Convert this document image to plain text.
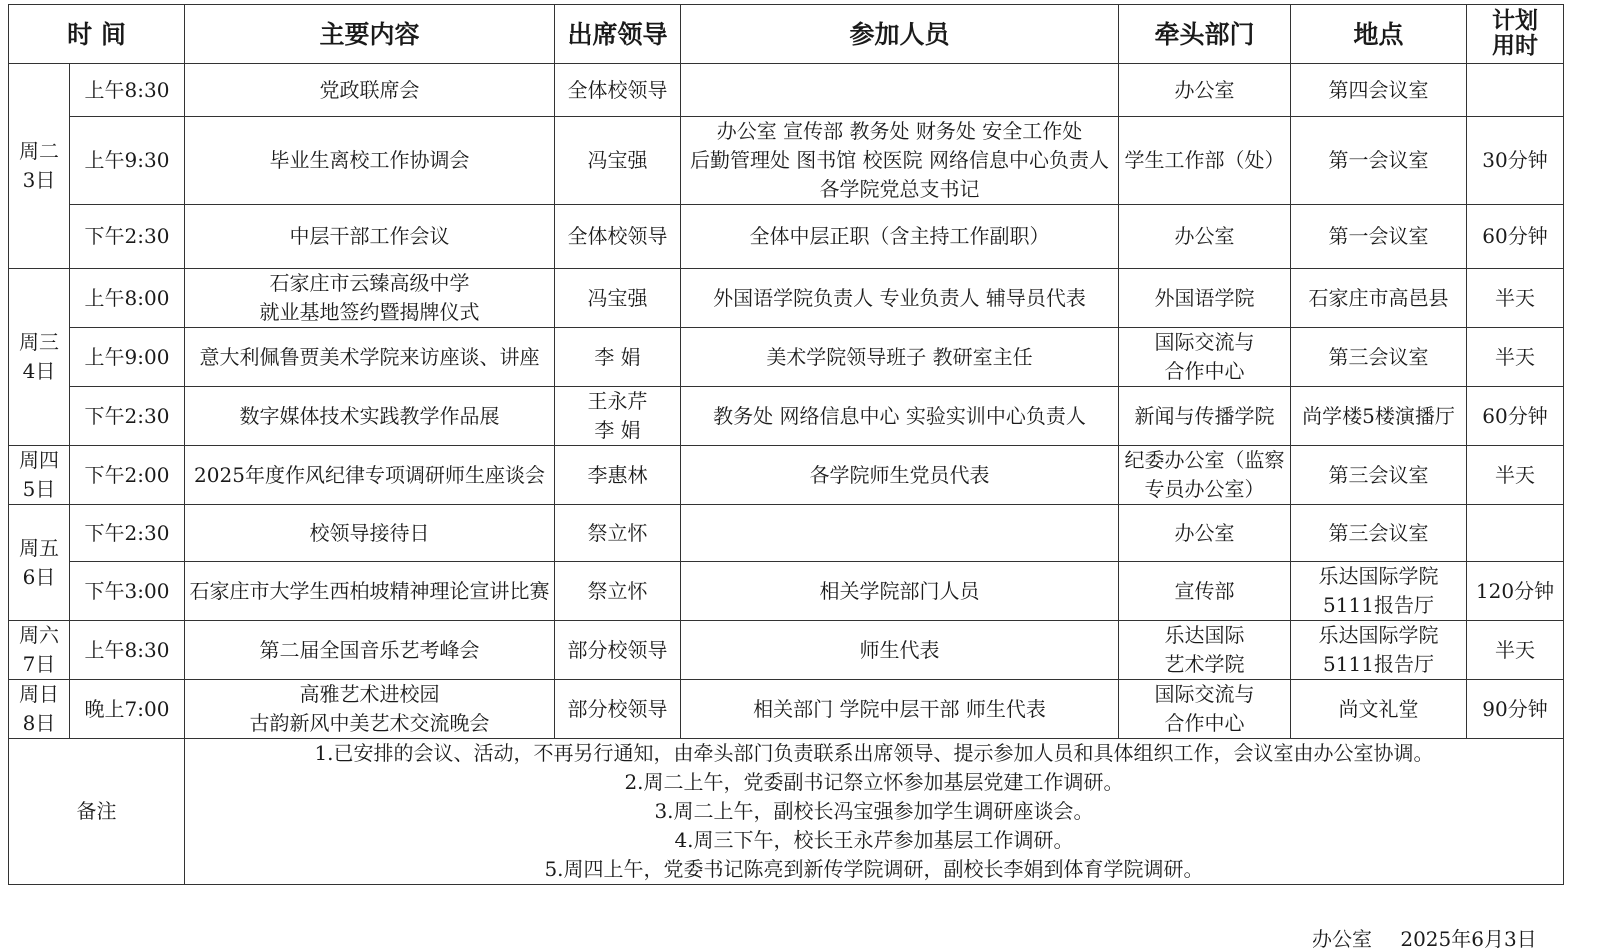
时 间		主要内容	出席领导	参加人员	牵头部门	地点	计划
用时

周二
3日	上午8:30	党政联席会	全体校领导		办公室	第四会议室	

	上午9:30	毕业生离校工作协调会	冯宝强	办公室 宣传部 教务处 财务处 安全工作处
后勤管理处 图书馆 校医院 网络信息中心负责人
各学院党总支书记	学生工作部（处）	第一会议室	30分钟
	下午2:30	中层干部工作会议	全体校领导	全体中层正职（含主持工作副职）	办公室	第一会议室	60分钟

周三
4日	上午8:00	石家庄市云臻高级中学
就业基地签约暨揭牌仪式	冯宝强	外国语学院负责人 专业负责人 辅导员代表	外国语学院	石家庄市高邑县	半天
	上午9:00	意大利佩鲁贾美术学院来访座谈、讲座	李 娟	美术学院领导班子 教研室主任	国际交流与
合作中心	第三会议室	半天
	下午2:30	数字媒体技术实践教学作品展	王永芹
李 娟	教务处 网络信息中心 实验实训中心负责人	新闻与传播学院	尚学楼5楼演播厅	60分钟

周四
5日	下午2:00	2025年度作风纪律专项调研师生座谈会	李惠林	各学院师生党员代表	纪委办公室（监察
专员办公室）	第三会议室	半天

周五
6日	下午2:30	校领导接待日	祭立怀		办公室	第三会议室	

	下午3:00	石家庄市大学生西柏坡精神理论宣讲比赛	祭立怀	相关学院部门人员	宣传部	乐达国际学院
5111报告厅	120分钟

周六
7日	上午8:30	第二届全国音乐艺考峰会	部分校领导	师生代表	乐达国际
艺术学院	乐达国际学院
5111报告厅	半天

周日
8日	晚上7:00	高雅艺术进校园
古韵新风中美艺术交流晚会	部分校领导	相关部门 学院中层干部 师生代表	国际交流与
合作中心	尚文礼堂	90分钟
备注		1.已安排的会议、活动，不再另行通知，由牵头部门负责联系出席领导、提示参加人员和具体组织工作，会议室由办公室协调。
2.周二上午，党委副书记祭立怀参加基层党建工作调研。
3.周二上午，副校长冯宝强参加学生调研座谈会。
4.周三下午，校长王永芹参加基层工作调研。
5.周四上午，党委书记陈亮到新传学院调研，副校长李娟到体育学院调研。					
办公室 2025年6月3日
